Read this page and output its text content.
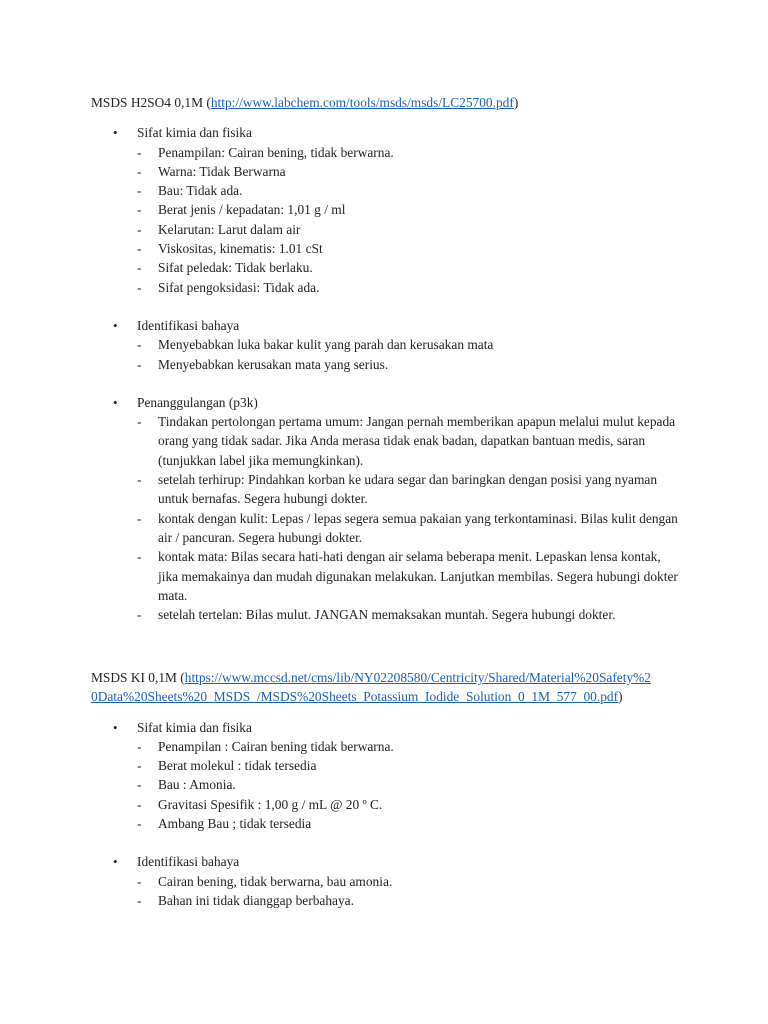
MSDS H2SO4 0,1M (http://www.labchem.com/tools/msds/msds/LC25700.pdf)

• Sifat kimia dan fisika
- Penampilan: Cairan bening, tidak berwarna.
- Warna: Tidak Berwarna
- Bau: Tidak ada.
- Berat jenis / kepadatan: 1,01 g / ml
- Kelarutan: Larut dalam air
- Viskositas, kinematis: 1.01 cSt
- Sifat peledak: Tidak berlaku.
- Sifat pengoksidasi: Tidak ada.
• Identifikasi bahaya
- Menyebabkan luka bakar kulit yang parah dan kerusakan mata
- Menyebabkan kerusakan mata yang serius.
• Penanggulangan (p3k)
- Tindakan pertolongan pertama umum: Jangan pernah memberikan apapun melalui mulut kepada orang yang tidak sadar. Jika Anda merasa tidak enak badan, dapatkan bantuan medis, saran (tunjukkan label jika memungkinkan).
- setelah terhirup: Pindahkan korban ke udara segar dan baringkan dengan posisi yang nyaman untuk bernafas. Segera hubungi dokter.
- kontak dengan kulit: Lepas / lepas segera semua pakaian yang terkontaminasi. Bilas kulit dengan air / pancuran. Segera hubungi dokter.
- kontak mata: Bilas secara hati-hati dengan air selama beberapa menit. Lepaskan lensa kontak, jika memakainya dan mudah digunakan melakukan. Lanjutkan membilas. Segera hubungi dokter mata.
- setelah tertelan: Bilas mulut. JANGAN memaksakan muntah. Segera hubungi dokter.

MSDS KI 0,1M (https://www.mccsd.net/cms/lib/NY02208580/Centricity/Shared/Material%20Safety%20Data%20Sheets%20_MSDS_/MSDS%20Sheets_Potassium_Iodide_Solution_0_1M_577_00.pdf)

• Sifat kimia dan fisika
- Penampilan : Cairan bening tidak berwarna.
- Berat molekul : tidak tersedia
- Bau : Amonia.
- Gravitasi Spesifik : 1,00 g / mL @ 20 º C.
- Ambang Bau ; tidak tersedia
• Identifikasi bahaya
- Cairan bening, tidak berwarna, bau amonia.
- Bahan ini tidak dianggap berbahaya.
